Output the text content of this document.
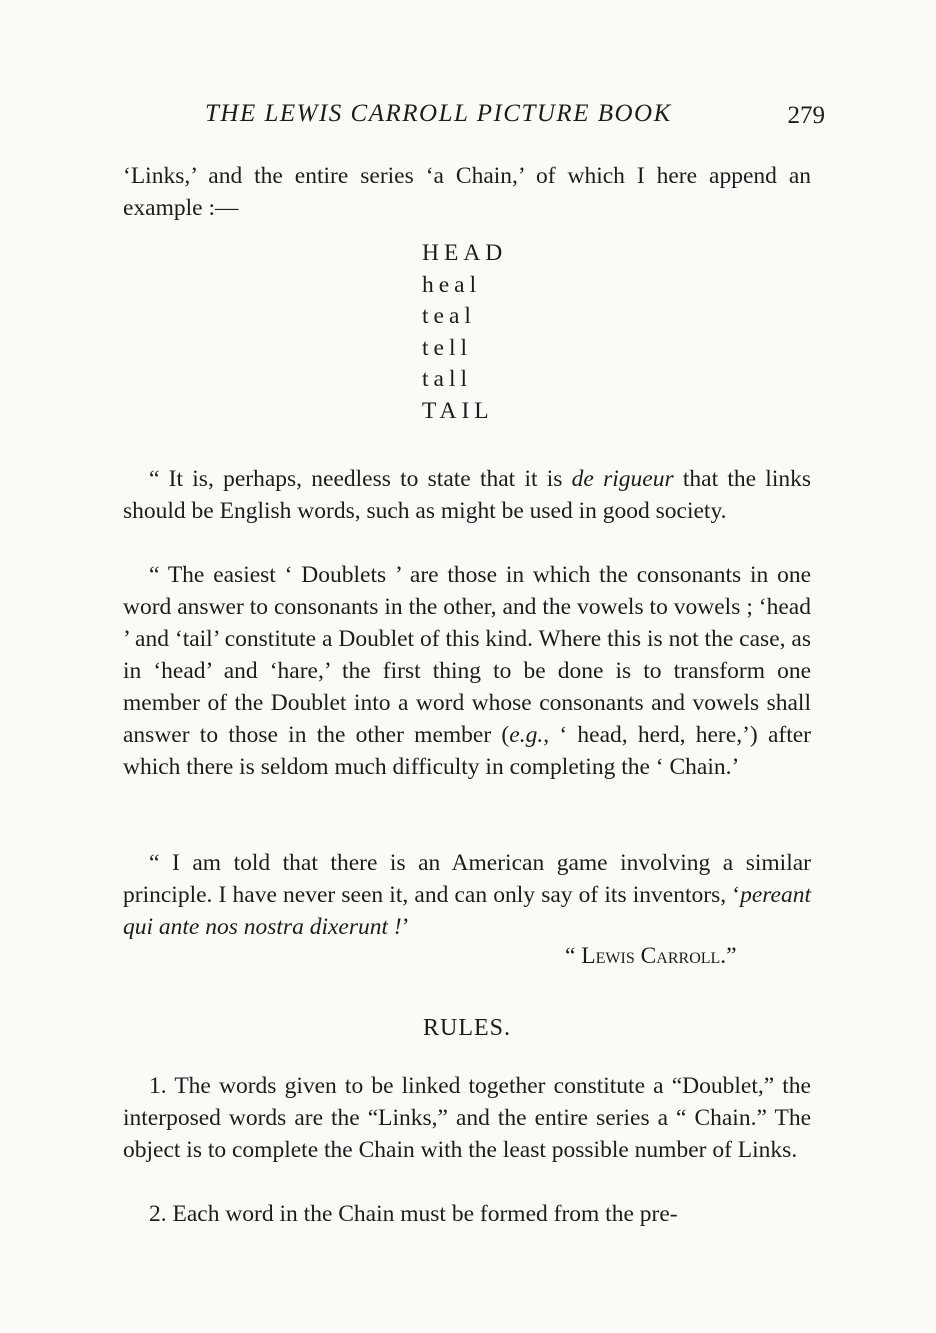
THE LEWIS CARROLL PICTURE BOOK	279
‘Links,’ and the entire series ‘a Chain,’ of which I here append an example :—
HEAD
heal
teal
tell
tall
TAIL
“ It is, perhaps, needless to state that it is de rigueur that the links should be English words, such as might be used in good society.
“ The easiest ‘ Doublets ’ are those in which the consonants in one word answer to consonants in the other, and the vowels to vowels ; ‘head ’ and ‘tail’ constitute a Doublet of this kind. Where this is not the case, as in ‘head’ and ‘hare,’ the first thing to be done is to transform one member of the Doublet into a word whose consonants and vowels shall answer to those in the other member (e.g., ‘ head, herd, here,’) after which there is seldom much difficulty in completing the ‘ Chain.’
“ I am told that there is an American game involving a similar principle. I have never seen it, and can only say of its inventors, ‘pereant qui ante nos nostra dixerunt !’
“ Lewis Carroll.”
RULES.
1. The words given to be linked together constitute a “Doublet,” the interposed words are the “Links,” and the entire series a “ Chain.” The object is to complete the Chain with the least possible number of Links.
2. Each word in the Chain must be formed from the pre-
